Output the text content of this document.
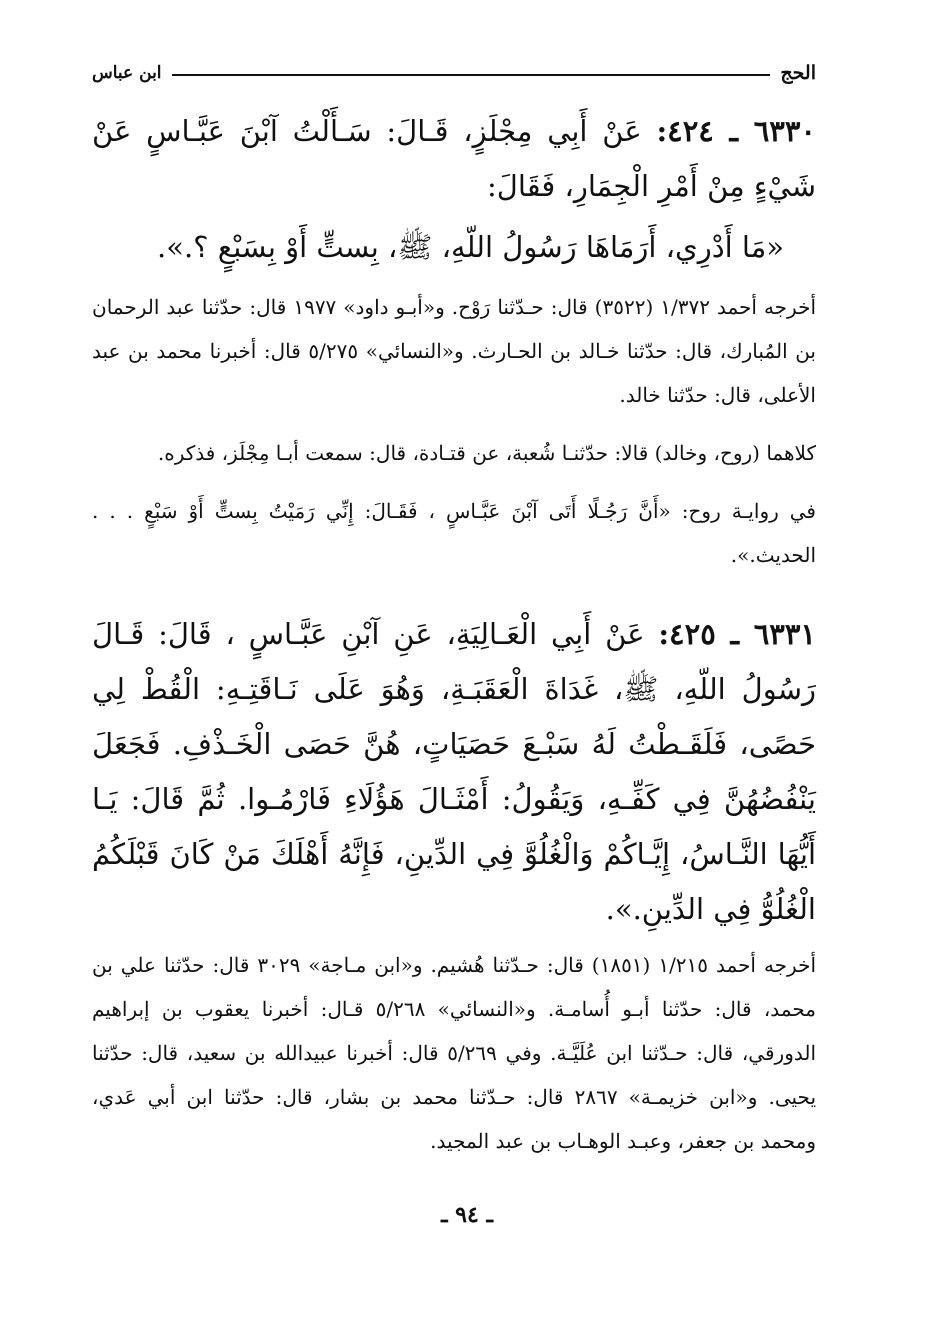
الحج
ابن عباس

٦٣٣٠ ـ ٤٢٤: عَنْ أَبِي مِجْلَزٍ، قَـالَ: سَـأَلْتُ آبْنَ عَبَّـاسٍ عَنْ شَيْءٍ مِنْ أَمْرِ الْجِمَارِ، فَقَالَ:

«مَا أَدْرِي، أَرَمَاهَا رَسُولُ اللّهِ، ﷺ، بِستٍّ أَوْ بِسَبْعٍ ؟.».

أخرجه أحمد ١/٣٧٢ (٣٥٢٢) قال: حـدّثنا رَوْح. و«أبـو داود» ١٩٧٧ قال: حدّثنا عبد الرحمان بن المُبارك، قال: حدّثنا خـالد بن الحـارث. و«النسائي» ٥/٢٧٥ قال: أخبرنا محمد بن عبد الأعلى، قال: حدّثنا خالد.

كلاهما (روح، وخالد) قالا: حدّثنـا شُعبة، عن قتـادة، قال: سمعت أبـا مِجْلَز، فذكره.

في روايـة روح: «أَنَّ رَجُـلًا أَتَى آبْنَ عَبَّـاسٍ ، فَقَـالَ: إِنِّي رَمَيْتُ بِستٍّ أَوْ سَبْعٍ . . . الحديث.».

٦٣٣١ ـ ٤٢٥: عَنْ أَبِي الْعَـالِيَةِ، عَنِ آبْنِ عَبَّـاسٍ ، قَالَ: قَـالَ رَسُولُ اللّهِ، ﷺ، غَدَاةَ الْعَقَبَـةِ، وَهُوَ عَلَى نَـاقَتِـهِ: الْقُطْ لِي حَصًى، فَلَقَـطْتُ لَهُ سَبْـعَ حَصَيَاتٍ، هُنَّ حَصَى الْخَـذْفِ. فَجَعَلَ يَنْفُضُهُنَّ فِي كَفِّـهِ، وَيَقُولُ: أَمْثَـالَ هَؤُلَاءِ فَارْمُـوا. ثُمَّ قَالَ: يَـا أَيُّهَا النَّـاسُ، إِيَّـاكُمْ وَالْغُلُوَّ فِي الدِّينِ، فَإِنَّهُ أَهْلَكَ مَنْ كَانَ قَبْلَكُمُ الْغُلُوُّ فِي الدِّينِ.».

أخرجه أحمد ١/٢١٥ (١٨٥١) قال: حـدّثنا هُشيم. و«ابن مـاجة» ٣٠٢٩ قال: حدّثنا علي بن محمد، قال: حدّثنا أبـو أُسامـة. و«النسائي» ٥/٢٦٨ قـال: أخبرنا يعقوب بن إبراهيم الدورقي، قال: حـدّثنا ابن عُلَيَّـة. وفي ٥/٢٦٩ قال: أخبرنا عبيدالله بن سعيد، قال: حدّثنا يحيى. و«ابن خزيمـة» ٢٨٦٧ قال: حـدّثنا محمد بن بشار، قال: حدّثنا ابن أبي عَدي، ومحمد بن جعفر، وعبـد الوهـاب بن عبد المجيد.

ـ ٩٤ ـ
